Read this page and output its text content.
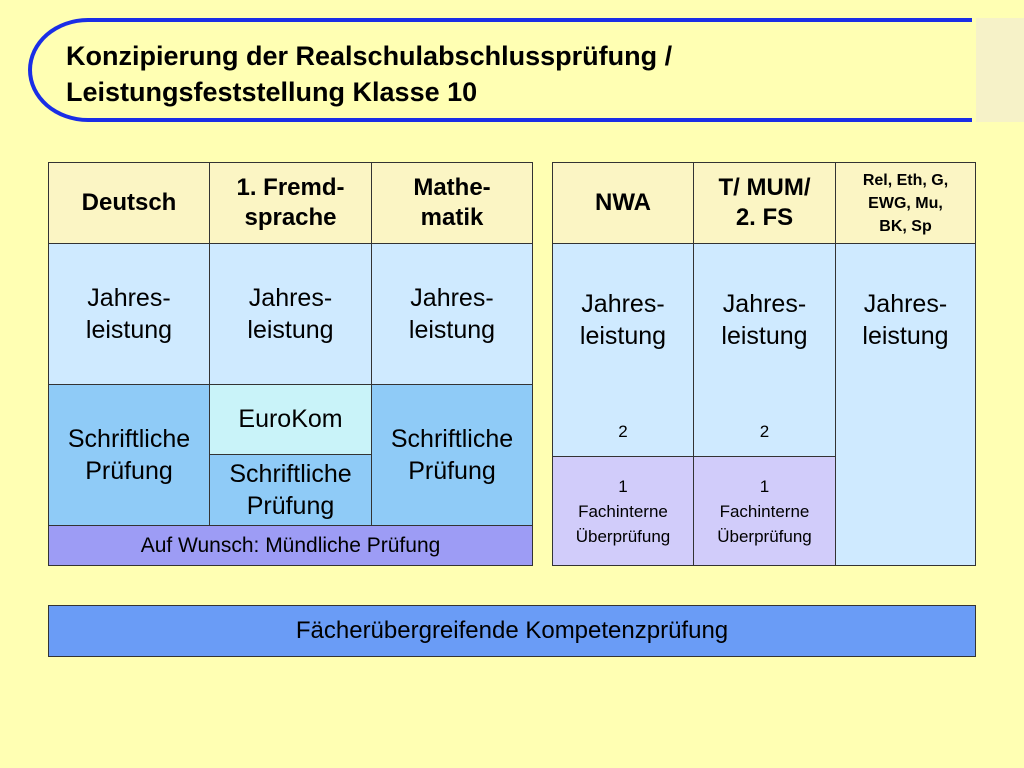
Konzipierung der Realschulabschlussprüfung /
Leistungsfeststellung Klasse 10
Deutsch
1. Fremd-
sprache
Mathe-
matik
Jahres-
leistung
Jahres-
leistung
Jahres-
leistung
Schriftliche
Prüfung
EuroKom
Schriftliche
Prüfung
Schriftliche
Prüfung
Auf Wunsch: Mündliche Prüfung
NWA
T/ MUM/
2. FS
Rel, Eth, G,
EWG, Mu,
BK, Sp
Jahres-
leistung
2
1
Fachinterne
Überprüfung
Jahres-
leistung
2
1
Fachinterne
Überprüfung
Jahres-
leistung
Fächerübergreifende Kompetenzprüfung
